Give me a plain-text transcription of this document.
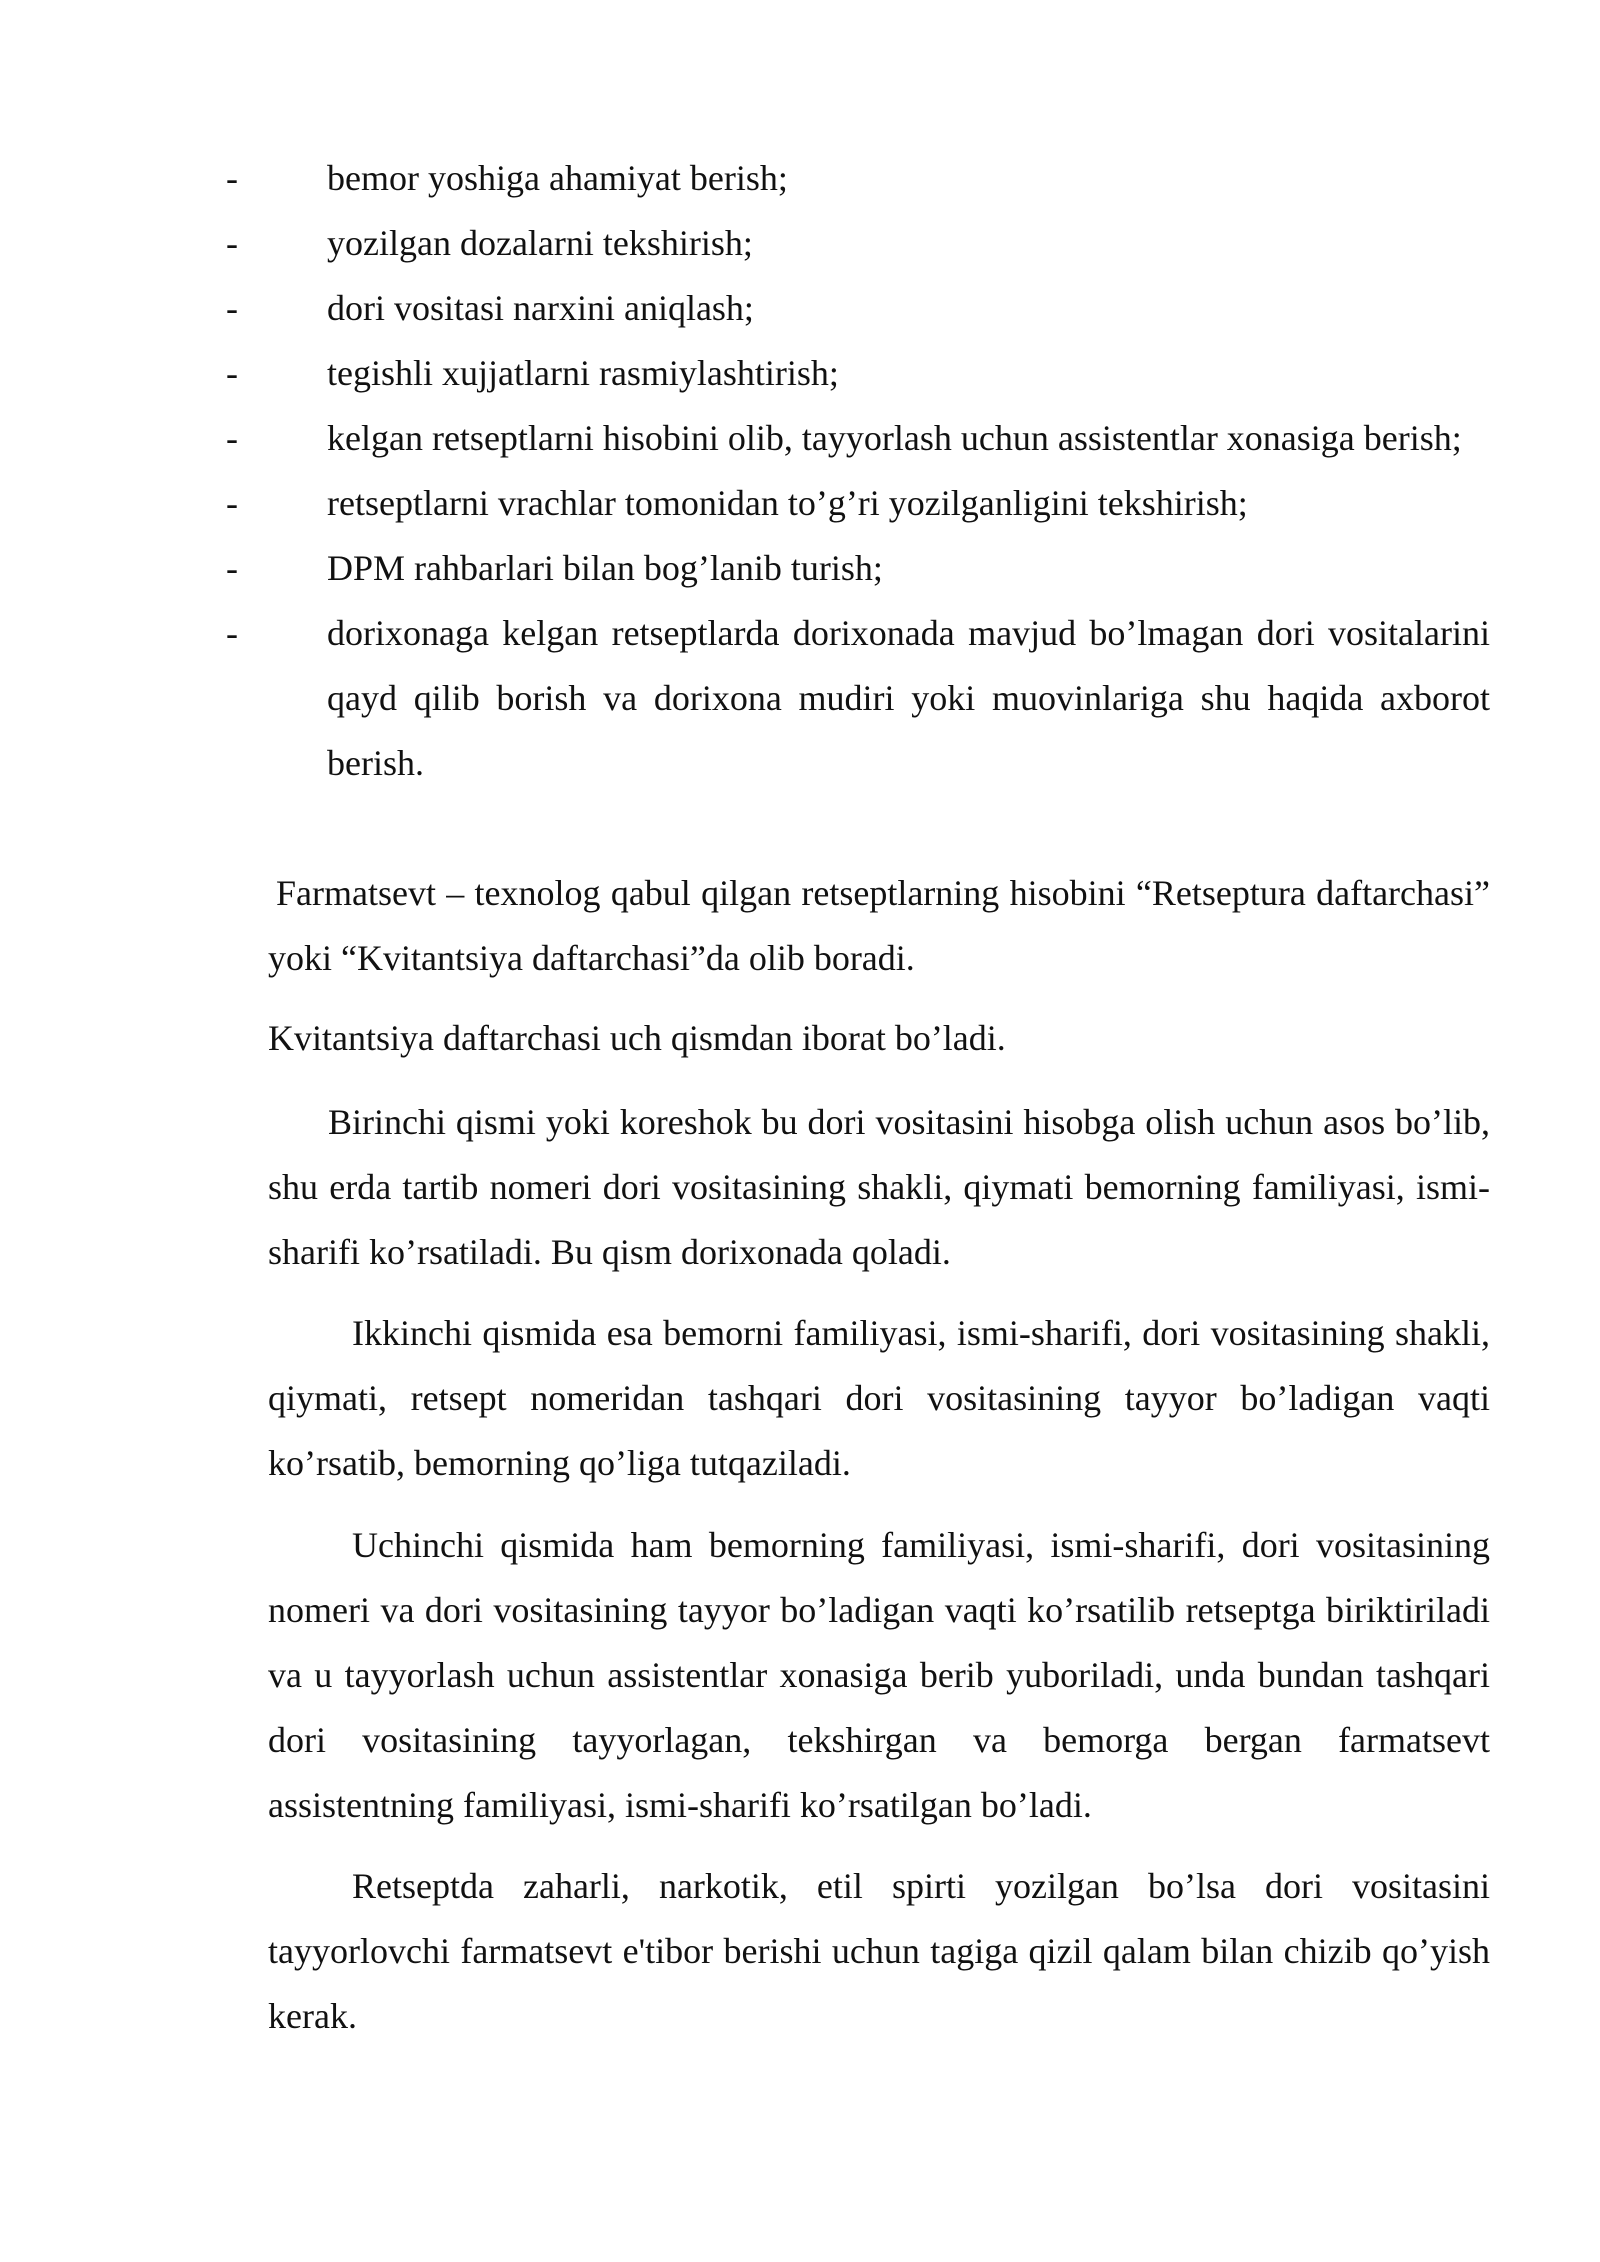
- bemor yoshiga ahamiyat berish;
- yozilgan dozalarni tekshirish;
- dori vositasi narxini aniqlash;
- tegishli xujjatlarni rasmiylashtirish;
- kelgan retseptlarni hisobini olib, tayyorlash uchun assistentlar xonasiga berish;
- retseptlarni vrachlar tomonidan to’g’ri yozilganligini tekshirish;
- DPM rahbarlari bilan bog’lanib turish;
- dorixonaga kelgan retseptlarda dorixonada mavjud bo’lmagan dori vositalarini qayd qilib borish va dorixona mudiri yoki muovinlariga shu haqida axborot berish.

Farmatsevt – texnolog qabul qilgan retseptlarning hisobini “Retseptura daftarchasi” yoki “Kvitantsiya daftarchasi”da olib boradi.

Kvitantsiya daftarchasi uch qismdan iborat bo’ladi.

Birinchi qismi yoki koreshok bu dori vositasini hisobga olish uchun asos bo’lib, shu erda tartib nomeri dori vositasining shakli, qiymati bemorning familiyasi, ismi-sharifi ko’rsatiladi. Bu qism dorixonada qoladi.

Ikkinchi qismida esa bemorni familiyasi, ismi-sharifi, dori vositasining shakli, qiymati, retsept nomeridan tashqari dori vositasining tayyor bo’ladigan vaqti ko’rsatib, bemorning qo’liga tutqaziladi.

Uchinchi qismida ham bemorning familiyasi, ismi-sharifi, dori vositasining nomeri va dori vositasining tayyor bo’ladigan vaqti ko’rsatilib retseptga biriktiriladi va u tayyorlash uchun assistentlar xonasiga berib yuboriladi, unda bundan tashqari dori vositasining tayyorlagan, tekshirgan va bemorga bergan farmatsevt assistentning familiyasi, ismi-sharifi ko’rsatilgan bo’ladi.

Retseptda zaharli, narkotik, etil spirti yozilgan bo’lsa dori vositasini tayyorlovchi farmatsevt e'tibor berishi uchun tagiga qizil qalam bilan chizib qo’yish kerak.
